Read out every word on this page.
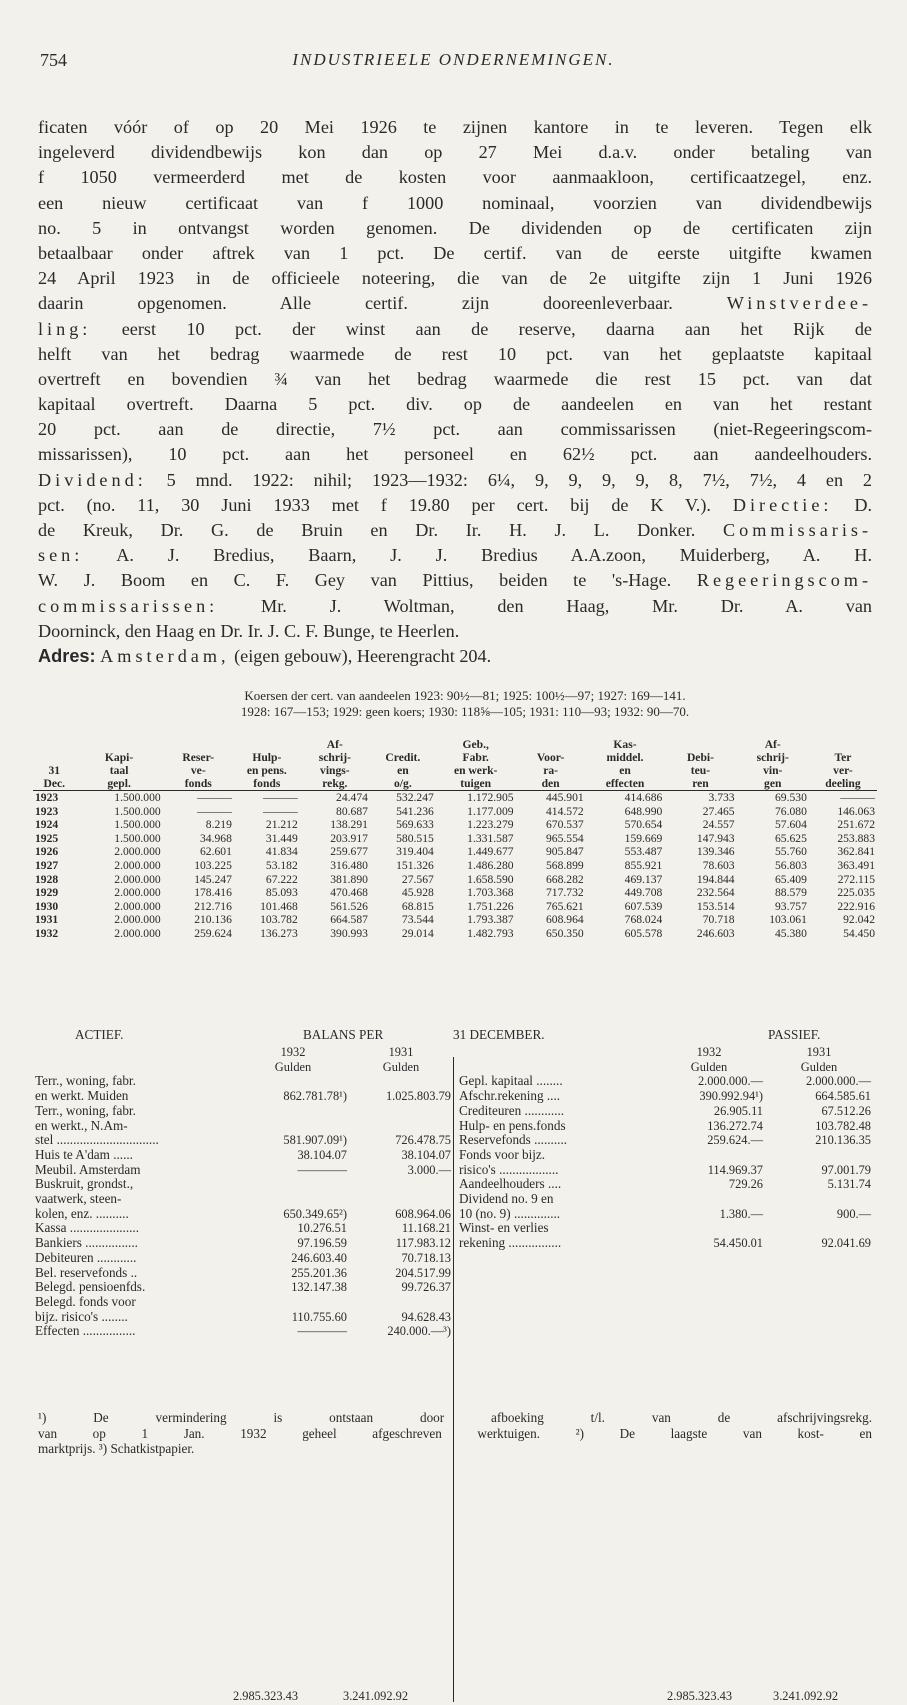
754	INDUSTRIEELE ONDERNEMINGEN.
ficaten vóór of op 20 Mei 1926 te zijnen kantore in te leveren. Tegen elk
ingeleverd dividendbewijs kon dan op 27 Mei d.a.v. onder betaling van
f 1050 vermeerderd met de kosten voor aanmaakloon, certificaatzegel, enz.
een nieuw certificaat van f 1000 nominaal, voorzien van dividendbewijs
no. 5 in ontvangst worden genomen. De dividenden op de certificaten zijn
betaalbaar onder aftrek van 1 pct. De certif. van de eerste uitgifte kwamen
24 April 1923 in de officieele noteering, die van de 2e uitgifte zijn 1 Juni 1926
daarin opgenomen. Alle certif. zijn dooreenleverbaar.	Winstverdee-
ling: eerst 10 pct. der winst aan de reserve, daarna aan het Rijk de
helft van het bedrag waarmede de rest 10 pct. van het geplaatste kapitaal
overtreft en bovendien ¾ van het bedrag waarmede die rest 15 pct. van dat
kapitaal overtreft. Daarna 5 pct. div. op de aandeelen en van het restant
20 pct. aan de directie, 7½ pct. aan commissarissen (niet-Regeeringscom-
missarissen), 10 pct. aan het personeel en 62½ pct. aan aandeelhouders.
Dividend: 5 mnd. 1922: nihil; 1923—1932: 6¼, 9, 9, 9, 9, 8, 7½, 7½, 4 en 2
pct. (no. 11, 30 Juni 1933 met f 19.80 per cert. bij de K V.). Directie: D.
de Kreuk, Dr. G. de Bruin en Dr. Ir. H. J. L. Donker. Commissaris-
sen: A. J. Bredius, Baarn, J. J. Bredius A.A.zoon, Muiderberg, A. H.
W. J. Boom en C. F. Gey van Pittius, beiden te 's-Hage. Regeeringscom-
commissarissen: Mr. J. Woltman, den Haag, Mr. Dr. A. van
Doorninck, den Haag en Dr. Ir. J. C. F. Bunge, te Heerlen.
Adres: Amsterdam, (eigen gebouw), Heerengracht 204.
Koersen der cert. van aandeelen 1923: 90½—81; 1925: 100½—97; 1927: 169—141.
1928: 167—153; 1929: geen koers; 1930: 118⅝—105; 1931: 110—93; 1932: 90—70.
				Af-		Geb.,		Kas-		Af-	
	Kapi-	Reser-	Hulp-	schrij-	Credit.	Fabr.	Voor-	middel.	Debi-	schrij-	Ter
31	taal	ve-	en pens.	vings-	en	en werk-	ra-	en	teu-	vin-	ver-
Dec.	gepl.	fonds	fonds	rekg.	o/g.	tuigen	den	effecten	ren	gen	deeling
1923	1.500.000	———	———	24.474	532.247	1.172.905	445.901	414.686	3.733	69.530	———
1923	1.500.000	———	———	80.687	541.236	1.177.009	414.572	648.990	27.465	76.080	146.063
1924	1.500.000	8.219	21.212	138.291	569.633	1.223.279	670.537	570.654	24.557	57.604	251.672
1925	1.500.000	34.968	31.449	203.917	580.515	1.331.587	965.554	159.669	147.943	65.625	253.883
1926	2.000.000	62.601	41.834	259.677	319.404	1.449.677	905.847	553.487	139.346	55.760	362.841
1927	2.000.000	103.225	53.182	316.480	151.326	1.486.280	568.899	855.921	78.603	56.803	363.491
1928	2.000.000	145.247	67.222	381.890	27.567	1.658.590	668.282	469.137	194.844	65.409	272.115
1929	2.000.000	178.416	85.093	470.468	45.928	1.703.368	717.732	449.708	232.564	88.579	225.035
1930	2.000.000	212.716	101.468	561.526	68.815	1.751.226	765.621	607.539	153.514	93.757	222.916
1931	2.000.000	210.136	103.782	664.587	73.544	1.793.387	608.964	768.024	70.718	103.061	92.042
1932	2.000.000	259.624	136.273	390.993	29.014	1.482.793	650.350	605.578	246.603	45.380	54.450
ACTIEF.	BALANS PER	31 DECEMBER.	PASSIEF.
	1932	1931
	Gulden	Gulden
Terr., woning, fabr.		
en werkt. Muiden	862.781.78¹)	1.025.803.79
Terr., woning, fabr.		
en werkt., N.Am-		
stel ...............................	581.907.09¹)	726.478.75
Huis te A'dam ......	38.104.07	38.104.07
Meubil. Amsterdam	————	3.000.—
Buskruit, grondst.,		
vaatwerk, steen-		
kolen, enz. ..........	650.349.65²)	608.964.06
Kassa .....................	10.276.51	11.168.21
Bankiers ................	97.196.59	117.983.12
Debiteuren ............	246.603.40	70.718.13
Bel. reservefonds ..	255.201.36	204.517.99
Belegd. pensioenfds.	132.147.38	99.726.37
Belegd. fonds voor		
bijz. risico's ........	110.755.60	94.628.43
Effecten ................	————	240.000.—³)
	1932	1931
	Gulden	Gulden
Gepl. kapitaal ........	2.000.000.—	2.000.000.—
Afschr.rekening ....	390.992.94¹)	664.585.61
Crediteuren ............	26.905.11	67.512.26
Hulp- en pens.fonds	136.272.74	103.782.48
Reservefonds ..........	259.624.—	210.136.35
Fonds voor bijz.		
risico's ..................	114.969.37	97.001.79
Aandeelhouders ....	729.26	5.131.74
Dividend no. 9 en		
10 (no. 9) ..............	1.380.—	900.—
Winst- en verlies		
rekening ................	54.450.01	92.041.69
2.985.323.43	3.241.092.92	2.985.323.43	3.241.092.92
¹) De vermindering is ontstaan door afboeking t/l. van de afschrijvingsrekg.
van op 1 Jan. 1932 geheel afgeschreven werktuigen. ²) De laagste van kost- en
marktprijs. ³) Schatkistpapier.
